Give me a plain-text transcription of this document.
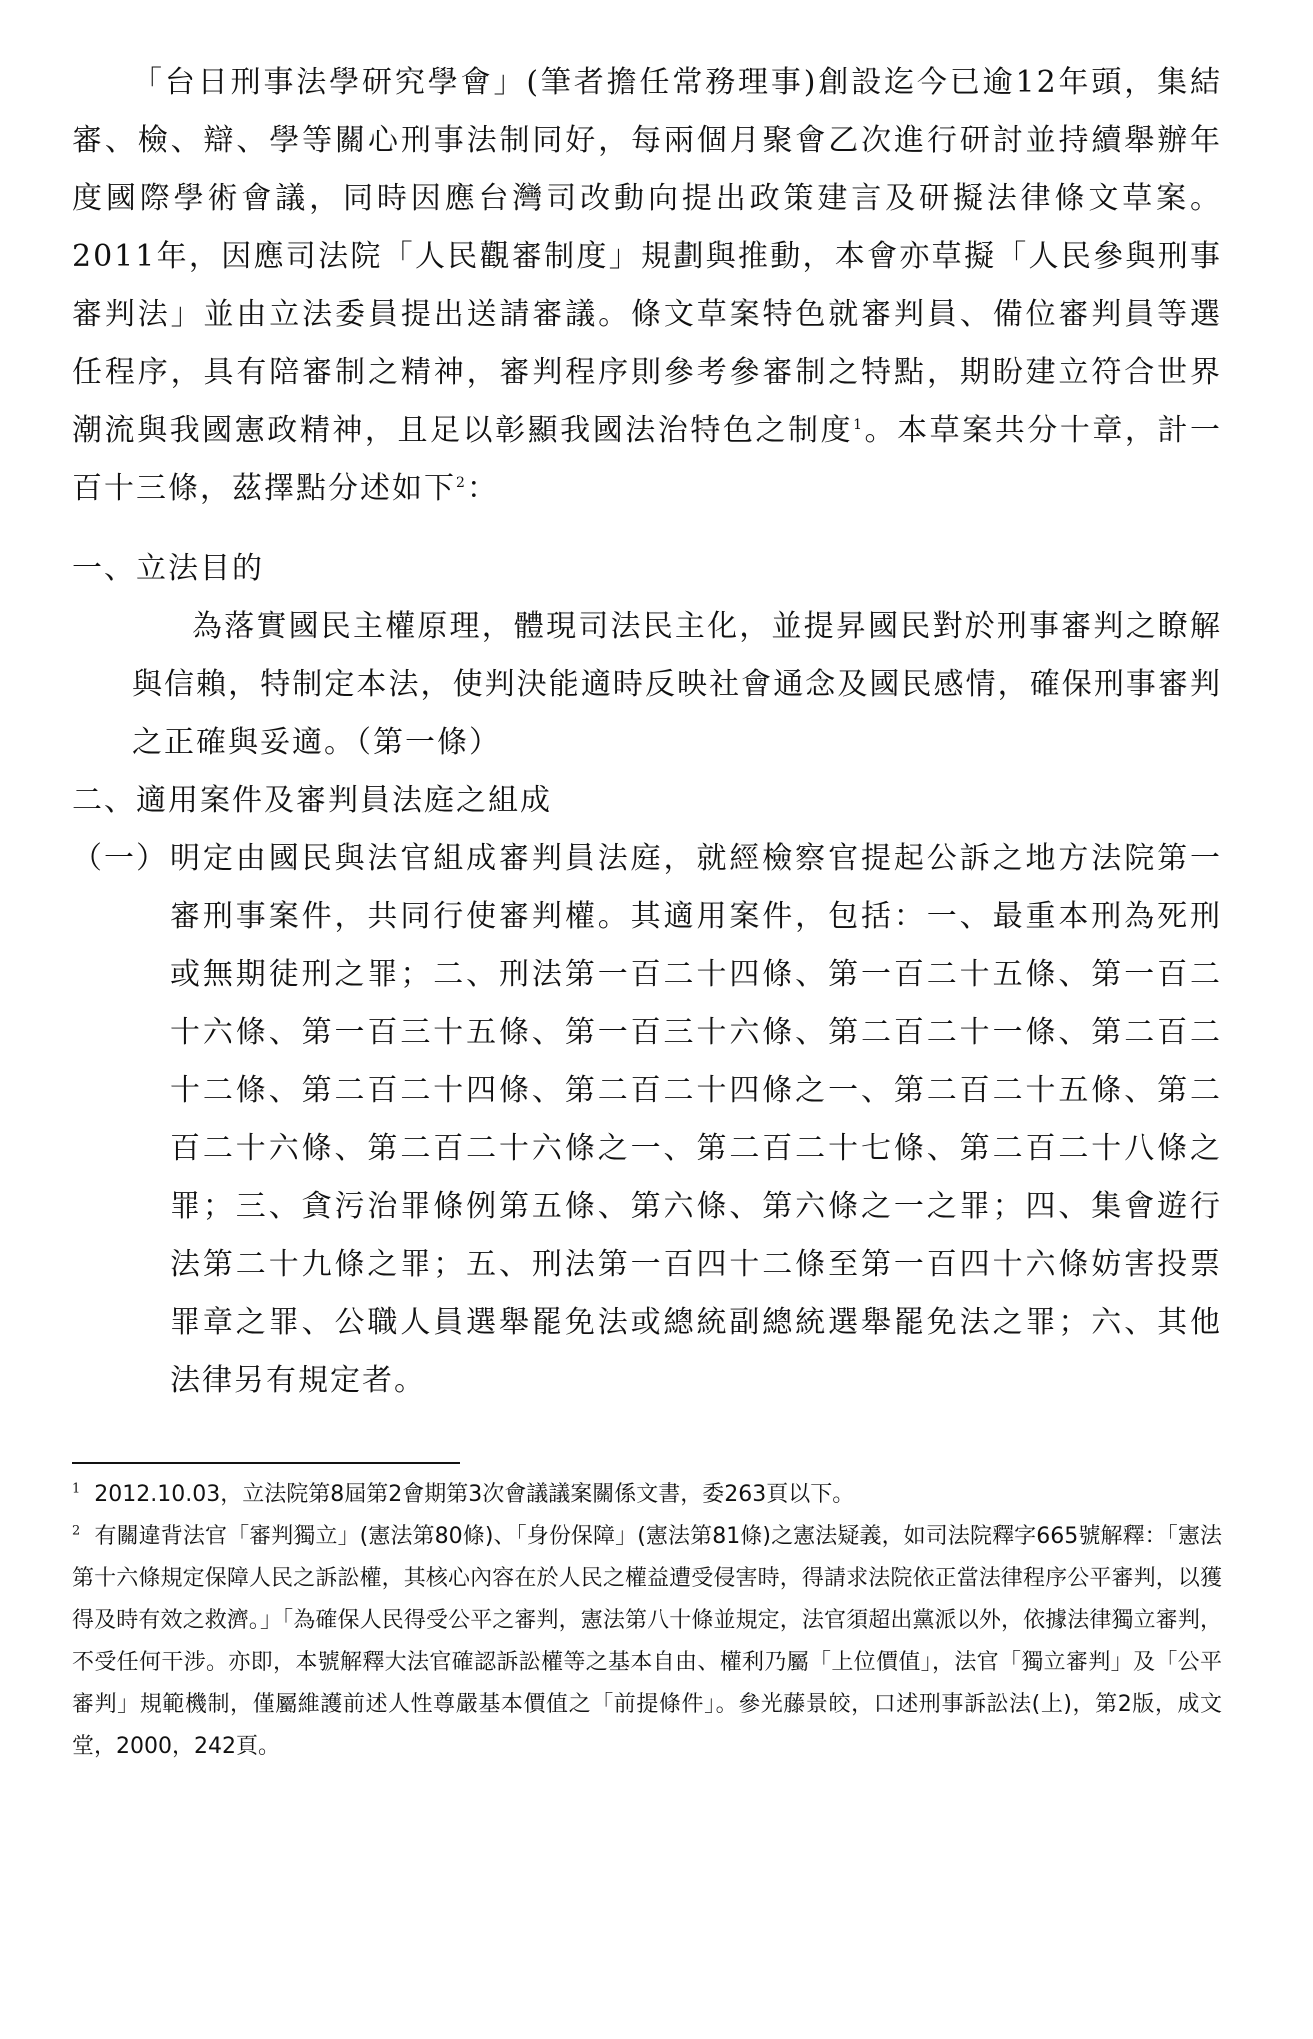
「台日刑事法學研究學會」(筆者擔任常務理事)創設迄今已逾12年頭，集結審、檢、辯、學等關心刑事法制同好，每兩個月聚會乙次進行研討並持續舉辦年度國際學術會議，同時因應台灣司改動向提出政策建言及研擬法律條文草案。2011年，因應司法院「人民觀審制度」規劃與推動，本會亦草擬「人民參與刑事審判法」並由立法委員提出送請審議。條文草案特色就審判員、備位審判員等選任程序，具有陪審制之精神，審判程序則參考參審制之特點，期盼建立符合世界潮流與我國憲政精神，且足以彰顯我國法治特色之制度$^1$。本草案共分十章，計一百十三條，茲擇點分述如下$^2$：

一、立法目的

為落實國民主權原理，體現司法民主化，並提昇國民對於刑事審判之瞭解與信賴，特制定本法，使判決能適時反映社會通念及國民感情，確保刑事審判之正確與妥適。（第一條）

二、適用案件及審判員法庭之組成

（一） 明定由國民與法官組成審判員法庭，就經檢察官提起公訴之地方法院第一審刑事案件，共同行使審判權。其適用案件，包括：一、最重本刑為死刑或無期徒刑之罪；二、刑法第一百二十四條、第一百二十五條、第一百二十六條、第一百三十五條、第一百三十六條、第二百二十一條、第二百二十二條、第二百二十四條、第二百二十四條之一、第二百二十五條、第二百二十六條、第二百二十六條之一、第二百二十七條、第二百二十八條之罪；三、貪污治罪條例第五條、第六條、第六條之一之罪；四、集會遊行法第二十九條之罪；五、刑法第一百四十二條至第一百四十六條妨害投票罪章之罪、公職人員選舉罷免法或總統副總統選舉罷免法之罪；六、其他法律另有規定者。

$^1$ 2012.10.03，立法院第8屆第2會期第3次會議議案關係文書，委263頁以下。

$^2$ 有關違背法官「審判獨立」(憲法第80條)、「身份保障」(憲法第81條)之憲法疑義，如司法院釋字665號解釋：「憲法第十六條規定保障人民之訴訟權，其核心內容在於人民之權益遭受侵害時，得請求法院依正當法律程序公平審判，以獲得及時有效之救濟。」「為確保人民得受公平之審判，憲法第八十條並規定，法官須超出黨派以外，依據法律獨立審判，不受任何干涉。亦即，本號解釋大法官確認訴訟權等之基本自由、權利乃屬「上位價值」，法官「獨立審判」及「公平審判」規範機制，僅屬維護前述人性尊嚴基本價值之「前提條件」。參光藤景皎，口述刑事訴訟法(上)，第2版，成文堂，2000，242頁。
